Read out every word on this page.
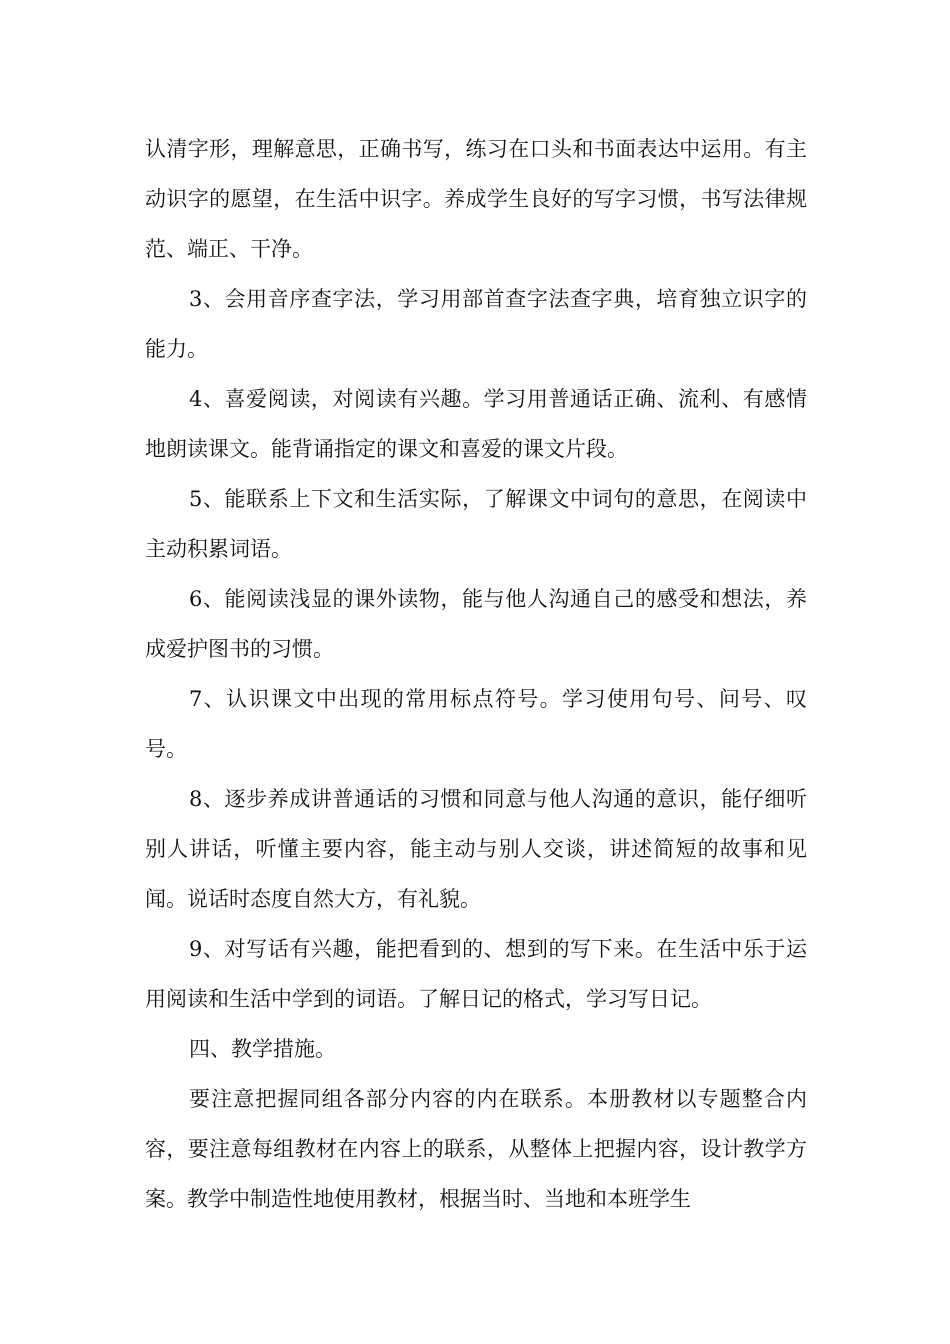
认清字形，理解意思，正确书写，练习在口头和书面表达中运用。有主动识字的愿望，在生活中识字。养成学生良好的写字习惯，书写法律规范、端正、干净。

3、会用音序查字法，学习用部首查字法查字典，培育独立识字的能力。

4、喜爱阅读，对阅读有兴趣。学习用普通话正确、流利、有感情地朗读课文。能背诵指定的课文和喜爱的课文片段。

5、能联系上下文和生活实际，了解课文中词句的意思，在阅读中主动积累词语。

6、能阅读浅显的课外读物，能与他人沟通自己的感受和想法，养成爱护图书的习惯。

7、认识课文中出现的常用标点符号。学习使用句号、问号、叹号。

8、逐步养成讲普通话的习惯和同意与他人沟通的意识，能仔细听别人讲话，听懂主要内容，能主动与别人交谈，讲述简短的故事和见闻。说话时态度自然大方，有礼貌。

9、对写话有兴趣，能把看到的、想到的写下来。在生活中乐于运用阅读和生活中学到的词语。了解日记的格式，学习写日记。

四、教学措施。

要注意把握同组各部分内容的内在联系。本册教材以专题整合内容，要注意每组教材在内容上的联系，从整体上把握内容，设计教学方案。教学中制造性地使用教材，根据当时、当地和本班学生
